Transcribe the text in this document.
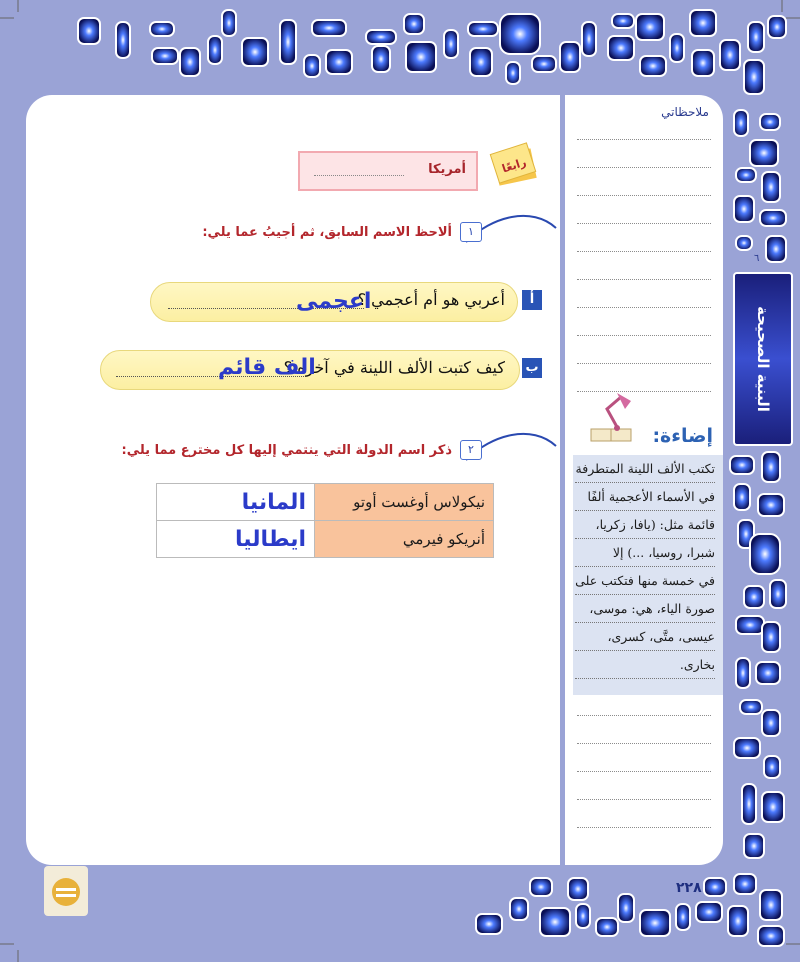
رابعًا
أمريكا
١
ألاحظ الاسم السابق، ثم أجيبُ عما يلي:
أ
أعربي هو أم أعجمي ؟
اعجمى
ب
كيف كتبت الألف اللينة في آخره ؟
الف قائم
٢
ذكر اسم الدولة التي ينتمي إليها كل مخترع مما يلي:
المانيا	نيكولاس أوغست أوتو
ايطاليا	أنريكو فيرمي
ملاحظاتي
إضاءة:
تكتب الألف اللينة المتطرفة
في الأسماء الأعجمية ألفًا
قائمة مثل: (يافا، زكريا،
شبرا، روسيا، ...) إلا
في خمسة منها فتكتب على
صورة الياء، هي: موسى،
عيسى، متَّى، كسرى،
بخارى.
٦
البنية الصحيحة
٢٢٨
